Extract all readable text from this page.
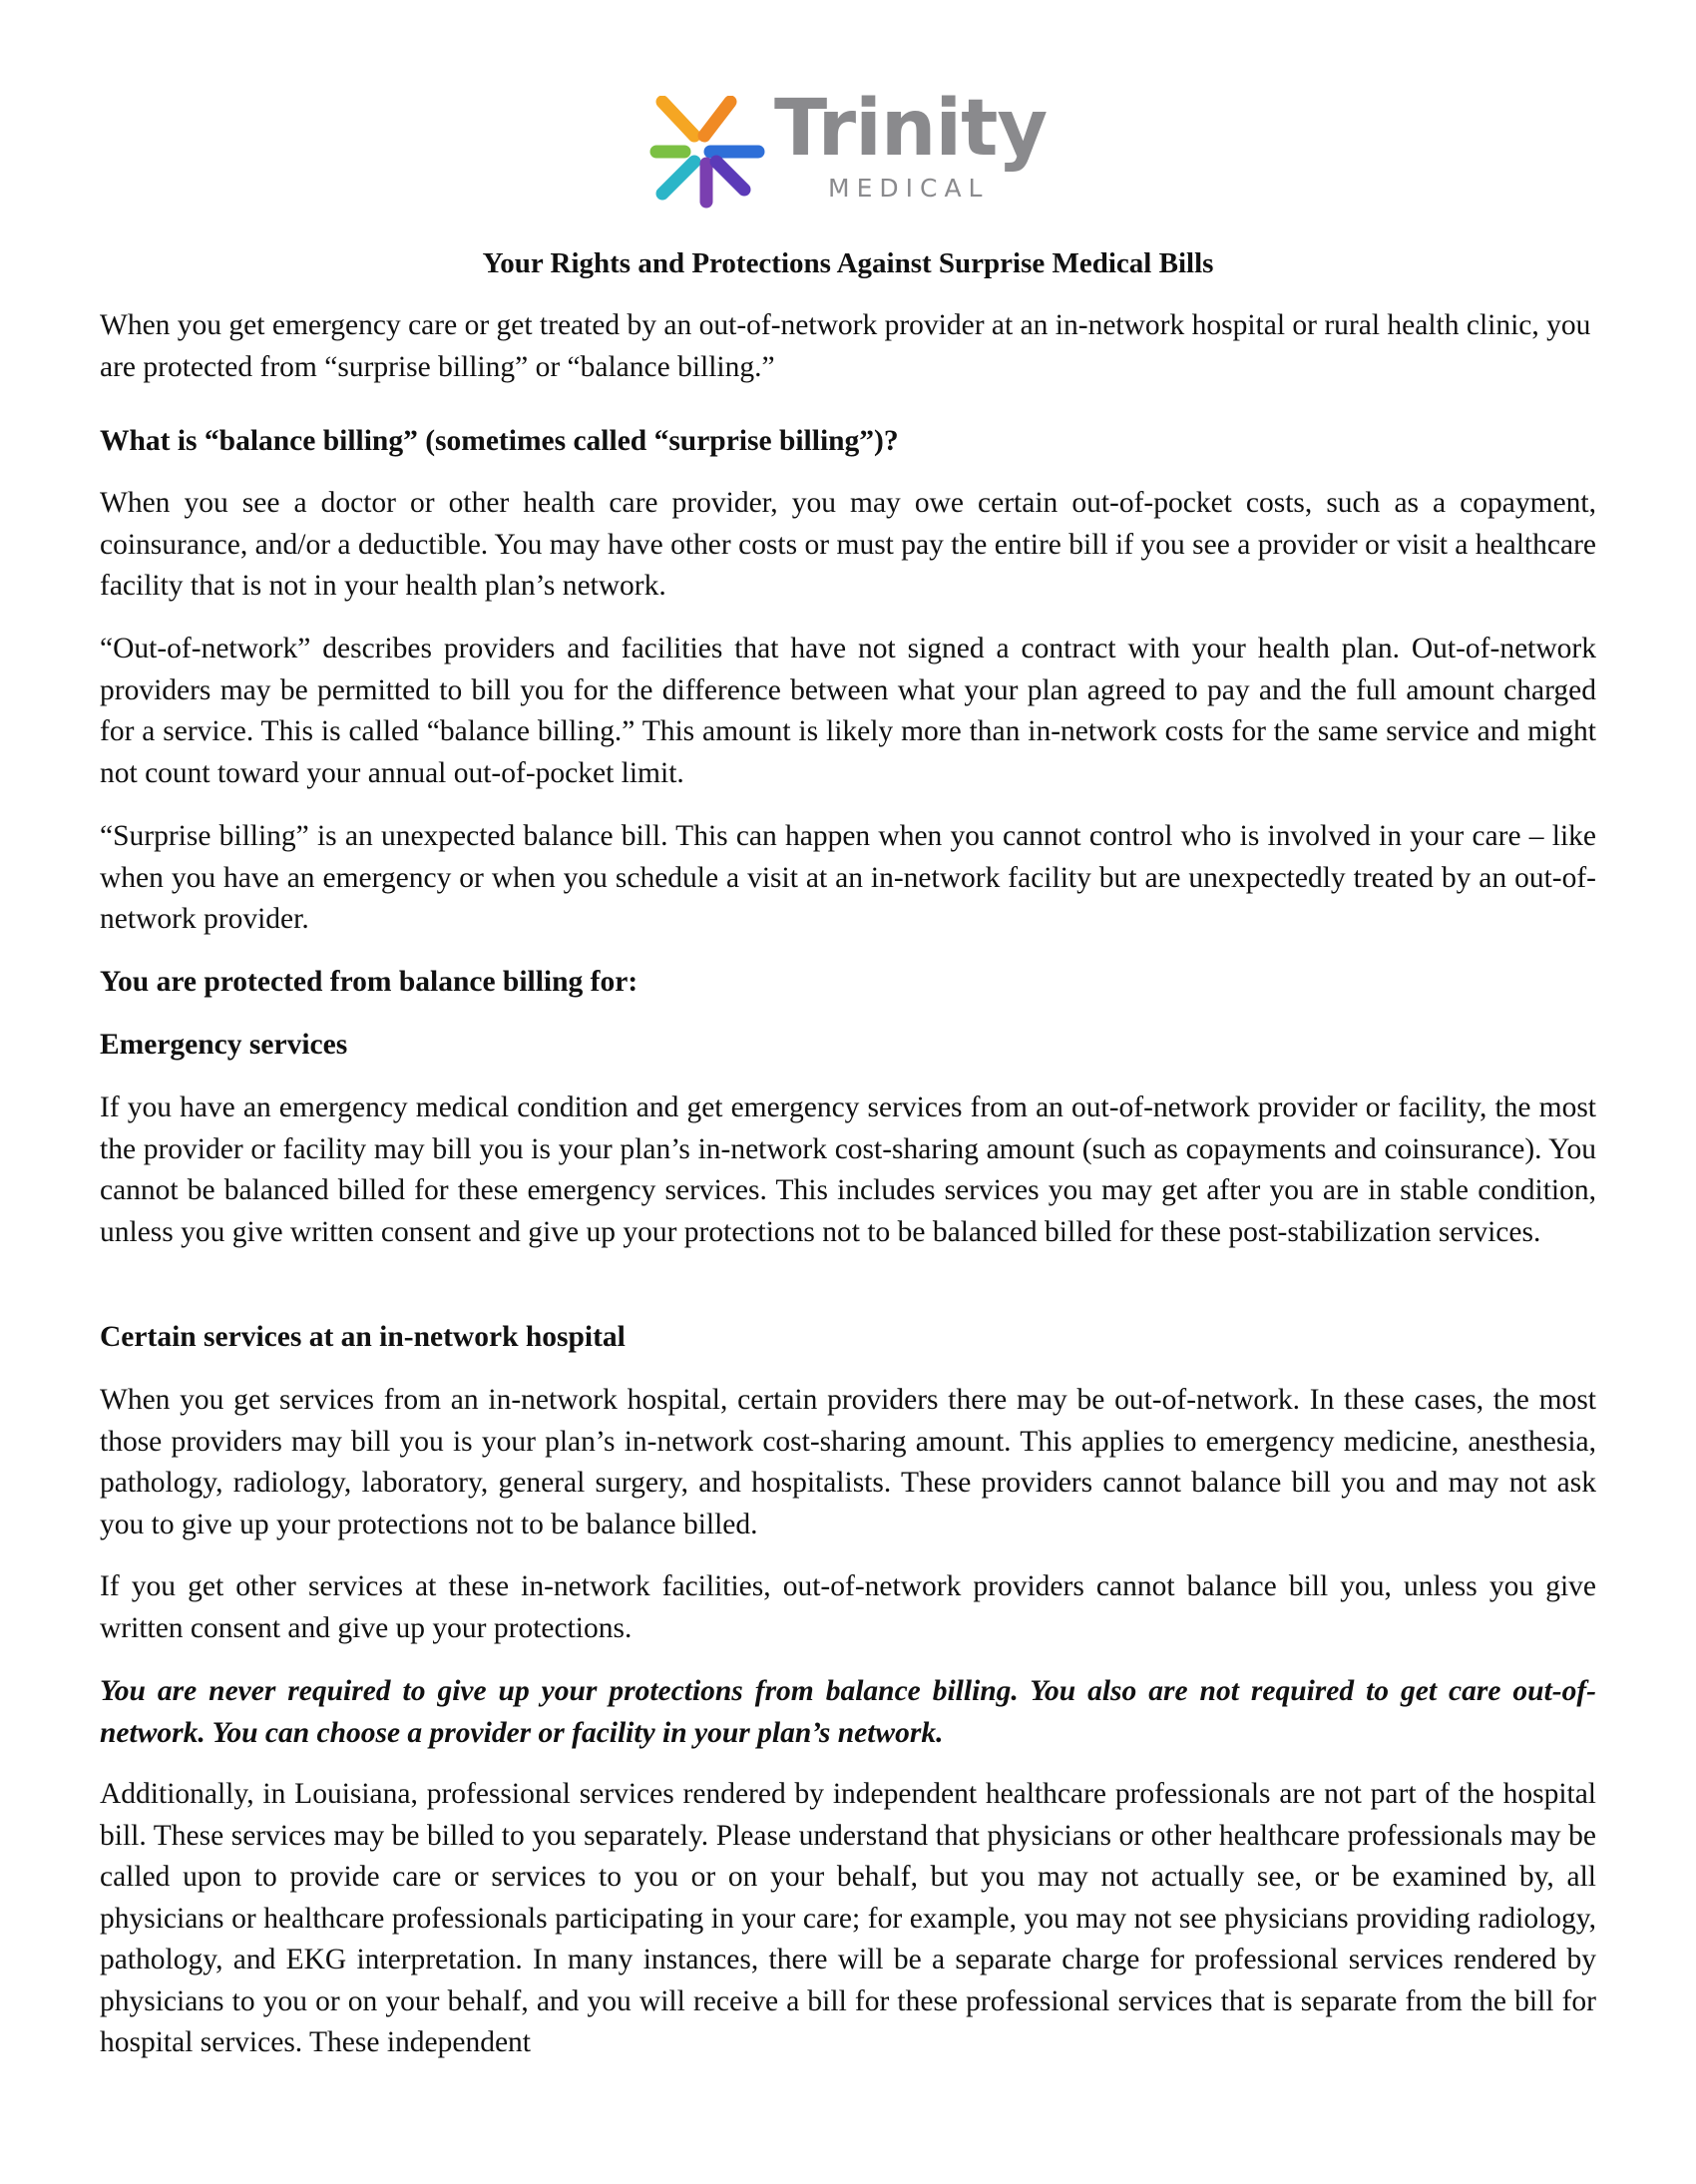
Trinity
MEDICAL
Your Rights and Protections Against Surprise Medical Bills
When you get emergency care or get treated by an out-of-network provider at an in-network hospital or rural health clinic, you are protected from “surprise billing” or “balance billing.”
What is “balance billing” (sometimes called “surprise billing”)?
When you see a doctor or other health care provider, you may owe certain out-of-pocket costs, such as a copayment, coinsurance, and/or a deductible. You may have other costs or must pay the entire bill if you see a provider or visit a healthcare facility that is not in your health plan’s network.
“Out-of-network” describes providers and facilities that have not signed a contract with your health plan. Out-of-network providers may be permitted to bill you for the difference between what your plan agreed to pay and the full amount charged for a service. This is called “balance billing.” This amount is likely more than in-network costs for the same service and might not count toward your annual out-of-pocket limit.
“Surprise billing” is an unexpected balance bill. This can happen when you cannot control who is involved in your care – like when you have an emergency or when you schedule a visit at an in-network facility but are unexpectedly treated by an out-of-network provider.
You are protected from balance billing for:
Emergency services
If you have an emergency medical condition and get emergency services from an out-of-network provider or facility, the most the provider or facility may bill you is your plan’s in-network cost-sharing amount (such as copayments and coinsurance). You cannot be balanced billed for these emergency services. This includes services you may get after you are in stable condition, unless you give written consent and give up your protections not to be balanced billed for these post-stabilization services.
Certain services at an in-network hospital
When you get services from an in-network hospital, certain providers there may be out-of-network. In these cases, the most those providers may bill you is your plan’s in-network cost-sharing amount. This applies to emergency medicine, anesthesia, pathology, radiology, laboratory, general surgery, and hospitalists. These providers cannot balance bill you and may not ask you to give up your protections not to be balance billed.
If you get other services at these in-network facilities, out-of-network providers cannot balance bill you, unless you give written consent and give up your protections.
You are never required to give up your protections from balance billing. You also are not required to get care out-of-network. You can choose a provider or facility in your plan’s network.
Additionally, in Louisiana, professional services rendered by independent healthcare professionals are not part of the hospital bill. These services may be billed to you separately. Please understand that physicians or other healthcare professionals may be called upon to provide care or services to you or on your behalf, but you may not actually see, or be examined by, all physicians or healthcare professionals participating in your care; for example, you may not see physicians providing radiology, pathology, and EKG interpretation. In many instances, there will be a separate charge for professional services rendered by physicians to you or on your behalf, and you will receive a bill for these professional services that is separate from the bill for hospital services. These independent
